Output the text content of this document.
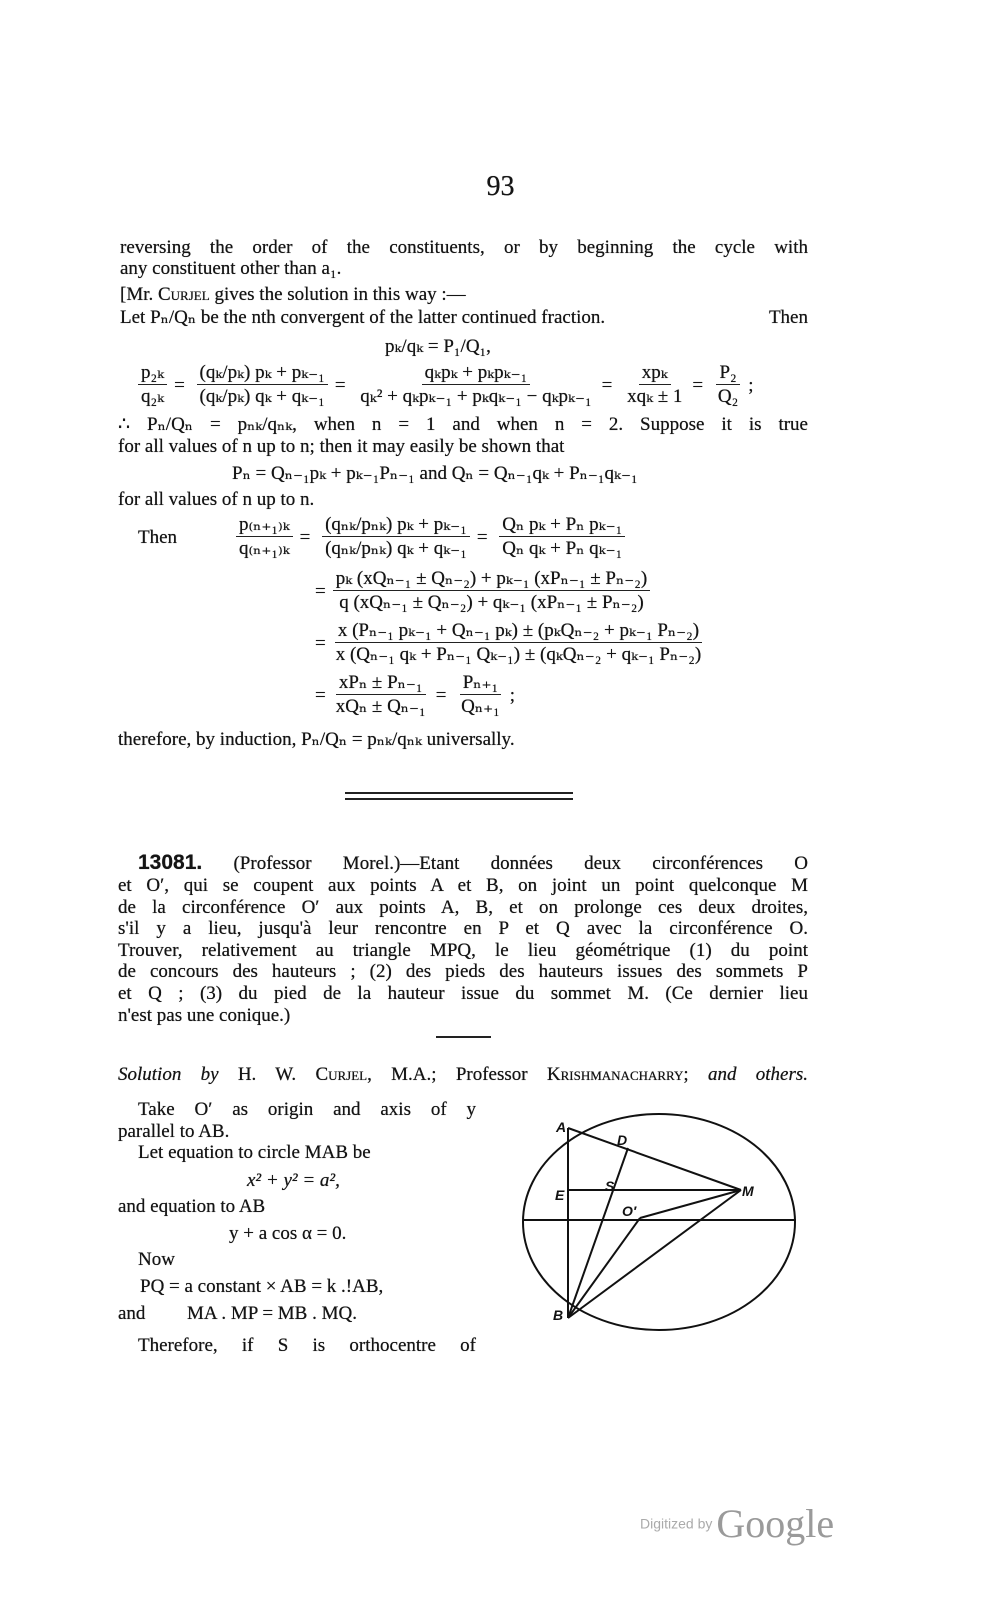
93
reversing the order of the constituents, or by beginning the cycle with
any constituent other than a₁.
[Mr. Curjel gives the solution in this way :—
Let Pₙ/Qₙ be the nth convergent of the latter continued fraction.	Then
pₖ/qₖ = P₁/Q₁,
$\frac{\text{p₂ₖ}}{\text{q₂ₖ}} = \frac{\text{(qₖ/pₖ) pₖ + pₖ₋₁}}{\text{(qₖ/pₖ) qₖ + qₖ₋₁}} = \frac{\text{qₖpₖ + pₖpₖ₋₁}}{\text{qₖ² + qₖpₖ₋₁ + pₖqₖ₋₁ − qₖpₖ₋₁}} = \frac{\text{xpₖ}}{\text{xqₖ ± 1}} = \frac{\text{P₂}}{\text{Q₂}}$ ;
∴ Pₙ/Qₙ = pₙₖ/qₙₖ, when n = 1 and when n = 2. Suppose it is true
for all values of n up to n; then it may easily be shown that
Pₙ = Qₙ₋₁pₖ + pₖ₋₁Pₙ₋₁ and Qₙ = Qₙ₋₁qₖ + Pₙ₋₁qₖ₋₁
for all values of n up to n.
Then	$\frac{\text{p₍ₙ₊₁₎ₖ}}{\text{q₍ₙ₊₁₎ₖ}} = \frac{\text{(qₙₖ/pₙₖ) pₖ + pₖ₋₁}}{\text{(qₙₖ/pₙₖ) qₖ + qₖ₋₁}} = \frac{\text{Qₙ pₖ + Pₙ pₖ₋₁}}{\text{Qₙ qₖ + Pₙ qₖ₋₁}}$
= $\frac{\text{pₖ (xQₙ₋₁ ± Qₙ₋₂) + pₖ₋₁ (xPₙ₋₁ ± Pₙ₋₂)}}{\text{q (xQₙ₋₁ ± Qₙ₋₂) + qₖ₋₁ (xPₙ₋₁ ± Pₙ₋₂)}}$
= $\frac{\text{x (Pₙ₋₁ pₖ₋₁ + Qₙ₋₁ pₖ) ± (pₖQₙ₋₂ + pₖ₋₁ Pₙ₋₂)}}{\text{x (Qₙ₋₁ qₖ + Pₙ₋₁ Qₖ₋₁) ± (qₖQₙ₋₂ + qₖ₋₁ Pₙ₋₂)}}$
= $\frac{\text{xPₙ ± Pₙ₋₁}}{\text{xQₙ ± Qₙ₋₁}} = \frac{\text{Pₙ₊₁}}{\text{Qₙ₊₁}}$ ;
therefore, by induction, Pₙ/Qₙ = pₙₖ/qₙₖ universally.
13081. (Professor Morel.)—Etant données deux circonférences O
et O′, qui se coupent aux points A et B, on joint un point quelconque M
de la circonférence O′ aux points A, B, et on prolonge ces deux droites,
s'il y a lieu, jusqu'à leur rencontre en P et Q avec la circonférence O.
Trouver, relativement au triangle MPQ, le lieu géométrique (1) du point
de concours des hauteurs ; (2) des pieds des hauteurs issues des sommets P
et Q ; (3) du pied de la hauteur issue du sommet M. (Ce dernier lieu
n'est pas une conique.)
Solution by H. W. Curjel, M.A.; Professor Krishmanacharry; and others.
Take O′ as origin and axis of y
parallel to AB.
Let equation to circle MAB be
x² + y² = a²,
and equation to AB
y + a cos α = 0.
Now
PQ = a constant × AB = k .!AB,
and MA . MP = MB . MQ.
Therefore, if S is orthocentre of
A
D
E
S	M
O′
B
Digitized by Google
